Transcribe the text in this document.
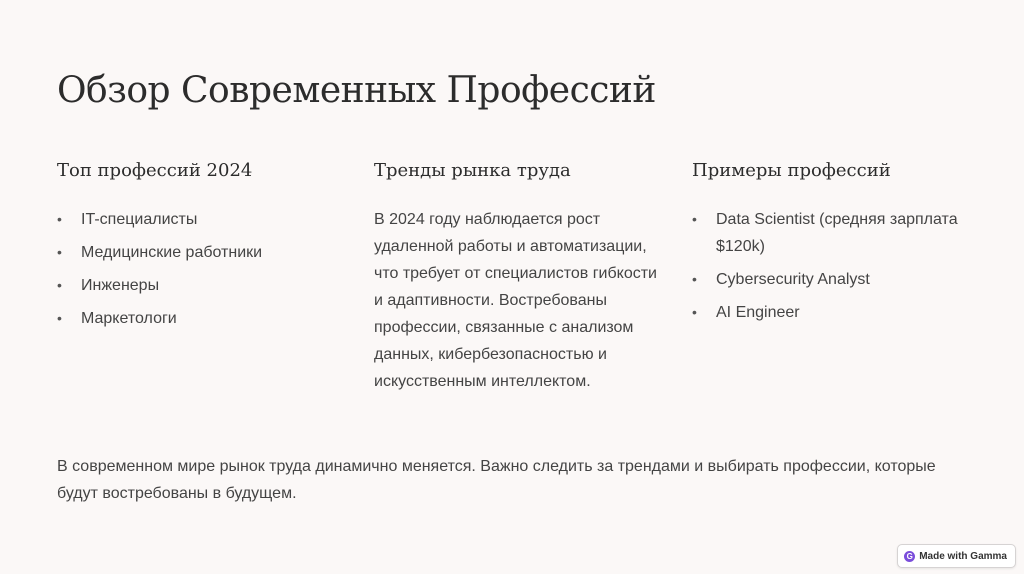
Обзор Современных Профессий
Топ профессий 2024
• IT-специалисты
• Медицинские работники
• Инженеры
• Маркетологи
Тренды рынка труда

В 2024 году наблюдается рост удаленной работы и автоматизации, что требует от специалистов гибкости и адаптивности. Востребованы профессии, связанные с анализом данных, кибербезопасностью и искусственным интеллектом.

Примеры профессий
• Data Scientist (средняя зарплата $120k)
• Cybersecurity Analyst
• AI Engineer

В современном мире рынок труда динамично меняется. Важно следить за трендами и выбирать профессии, которые будут востребованы в будущем.

G Made with Gamma
